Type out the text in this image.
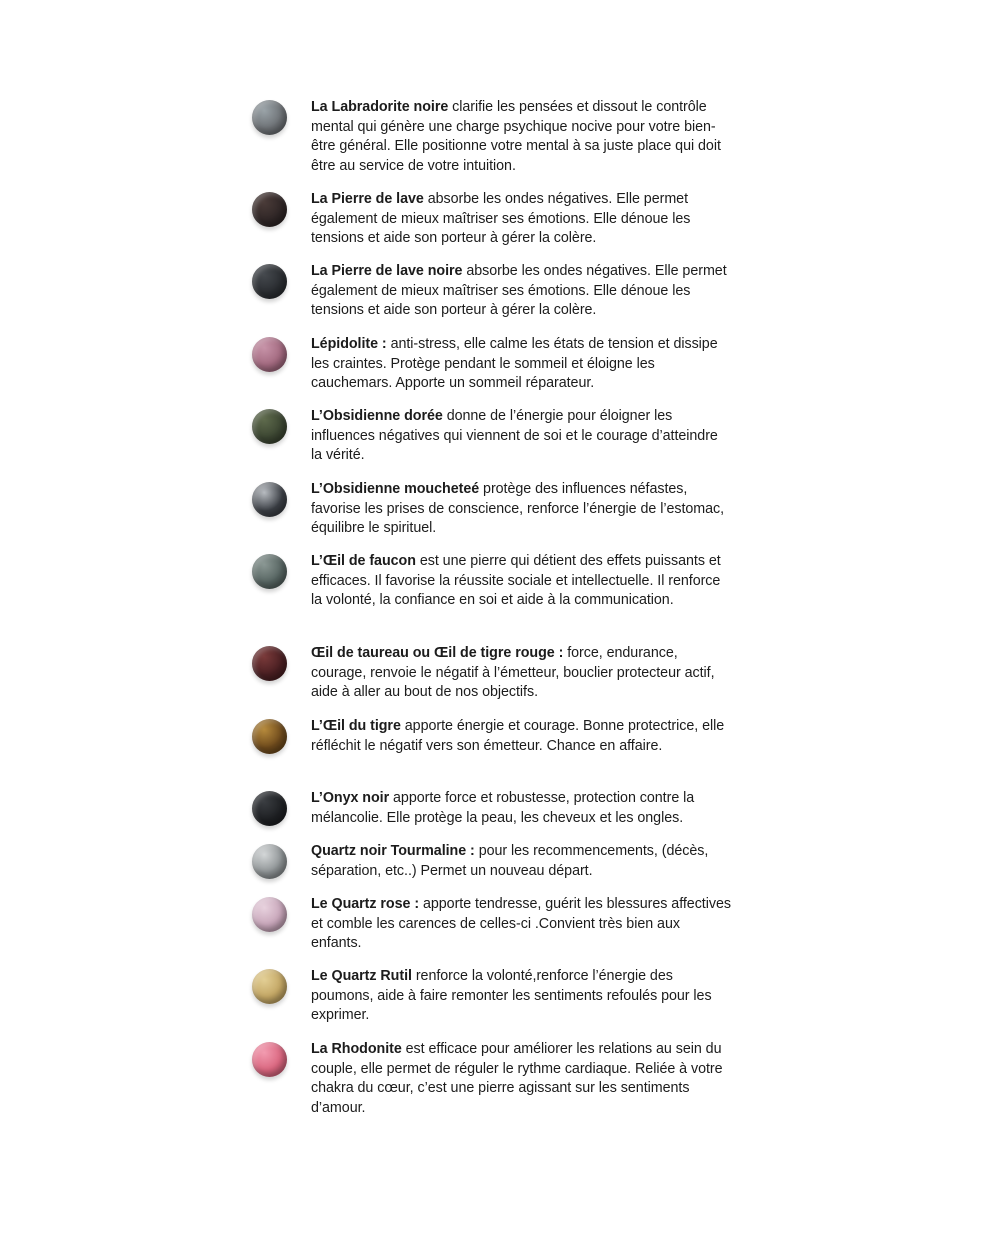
La Labradorite noire clarifie les pensées et dissout le contrôle mental qui génère une charge psychique nocive pour votre bien-être général. Elle positionne votre mental à sa juste place qui doit être au service de votre intuition.
La Pierre de lave absorbe les ondes négatives. Elle permet également de mieux maîtriser ses émotions. Elle dénoue les tensions et aide son porteur à gérer la colère.
La Pierre de lave noire absorbe les ondes négatives. Elle permet également de mieux maîtriser ses émotions. Elle dénoue les tensions et aide son porteur à gérer la colère.
Lépidolite : anti-stress, elle calme les états de tension et dissipe les craintes. Protège pendant le sommeil et éloigne les cauchemars. Apporte un sommeil réparateur.
L’Obsidienne dorée donne de l’énergie pour éloigner les influences négatives qui viennent de soi et le courage d’atteindre la vérité.
L’Obsidienne moucheteé protège des influences néfastes, favorise les prises de conscience, renforce l’énergie de l’estomac, équilibre le spirituel.
L’Œil de faucon est une pierre qui détient des effets puissants et efficaces. Il favorise la réussite sociale et intellectuelle. Il renforce la volonté, la confiance en soi et aide à la communication.
Œil de taureau ou Œil de tigre rouge : force, endurance, courage, renvoie le négatif à l’émetteur, bouclier protecteur actif, aide à aller au bout de nos objectifs.
L’Œil du tigre apporte énergie et courage. Bonne protectrice, elle réfléchit le négatif vers son émetteur. Chance en affaire.
L’Onyx noir apporte force et robustesse, protection contre la mélancolie. Elle protège la peau, les cheveux et les ongles.
Quartz noir Tourmaline : pour les recommencements, (décès, séparation, etc..) Permet un nouveau départ.
Le Quartz rose : apporte tendresse, guérit les blessures affectives et comble les carences de celles-ci .Convient très bien aux enfants.
Le Quartz Rutil renforce la volonté,renforce l’énergie des poumons, aide à faire remonter les sentiments refoulés pour les exprimer.
La Rhodonite est efficace pour améliorer les relations au sein du couple, elle permet de réguler le rythme cardiaque. Reliée à votre chakra du cœur, c’est une pierre agissant sur les sentiments d’amour.
